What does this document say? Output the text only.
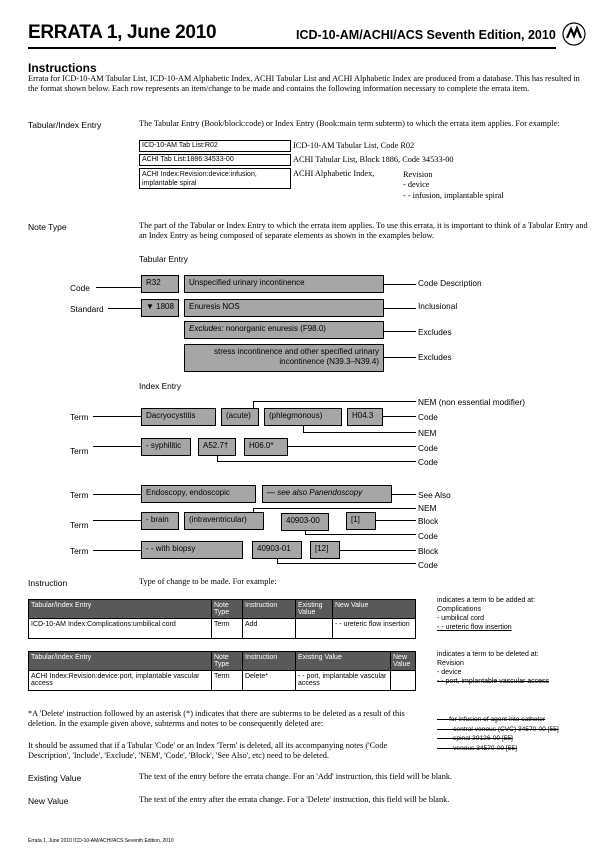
ERRATA 1, June 2010	ICD-10-AM/ACHI/ACS Seventh Edition, 2010
Instructions
Errata for ICD-10-AM Tabular List, ICD-10-AM Alphabetic Index, ACHI Tabular List and ACHI Alphabetic Index are produced from a database. This has resulted in the format shown below. Each row represents an item/change to be made and contains the following information necessary to complete the errata item.
Tabular/Index Entry	The Tabular Entry (Book/block:code) or Index Entry (Book:main term subterm) to which the errata item applies. For example:
ICD-10-AM Tab List:R02	ICD-10-AM Tabular List, Code R02
ACHI Tab List:1886:34533-00	ACHI Tabular List, Block 1886, Code 34533-00
ACHI Index:Revision:device:infusion, implantable spiral
ACHI Alphabetic Index,	Revision
- device
- - infusion, implantable spiral
Note Type	The part of the Tabular or Index Entry to which the errata item applies. To use this errata, it is important to think of a Tabular Entry and an Index Entry as being composed of separate elements as shown in the examples below.
Tabular Entry
Code
R32	Unspecified urinary incontinence	Code Description
Standard	▼ 1808	Enuresis NOS	Inclusional
Excludes: nonorganic enuresis (F98.0)	Excludes
stress incontinence and other specified urinary incontinence (N39.3–N39.4)	Excludes
Index Entry
NEM (non essential modifier)
Term	Dacryocystitis	(acute)	(phlegmonous)	H04.3	Code
NEM
Term
- syphilitic	A52.7†	H06.0*	Code
Code
Term	Endoscopy, endoscopic	— see also Panendoscopy	See Also
NEM
Term
- brain	(intraventricular)	40903-00	[1]	Block
Code
Term	- - with biopsy	40903-01	[12]	Block
Code
Instruction	Type of change to be made. For example:
Tabular/Index Entry	Note Type	Instruction	Existing Value	New Value
ICD-10-AM Index:Complications:umbilical cord	Term	Add		- - ureteric flow insertion
indicates a term to be added at:
Complications
- umbilical cord
- - ureteric flow insertion
Tabular/Index Entry	Note Type	Instruction	Existing Value	New Value
ACHI Index:Revision:device:port, implantable vascular access	Term	Delete*	- - port, implantable vascular access	
indicates a term to be deleted at:
Revision
- device
- - port, implantable vascular access
*A 'Delete' instruction followed by an asterisk (*) indicates that there are subterms to be deleted as a result of this deletion. In the example given above, subterms and notes to be consequently deleted are:	- - - for infusion of agent into catheter
- - - - central venous (CVC) 34570-00 [55]
- - - - spinal 39126-00 [55]
- - - - venous 34570-00 [55]
It should be assumed that if a Tabular 'Code' or an Index 'Term' is deleted, all its accompanying notes ('Code Description', 'Include', 'Exclude', 'NEM', 'Code', 'Block', 'See Also', etc) need to be deleted.
Existing Value	The text of the entry before the errata change. For an 'Add' instruction, this field will be blank.
New Value	The text of the entry after the errata change. For a 'Delete' instruction, this field will be blank.
Errata 1, June 2010 ICD-10-AM/ACHI/ACS Seventh Edition, 2010
